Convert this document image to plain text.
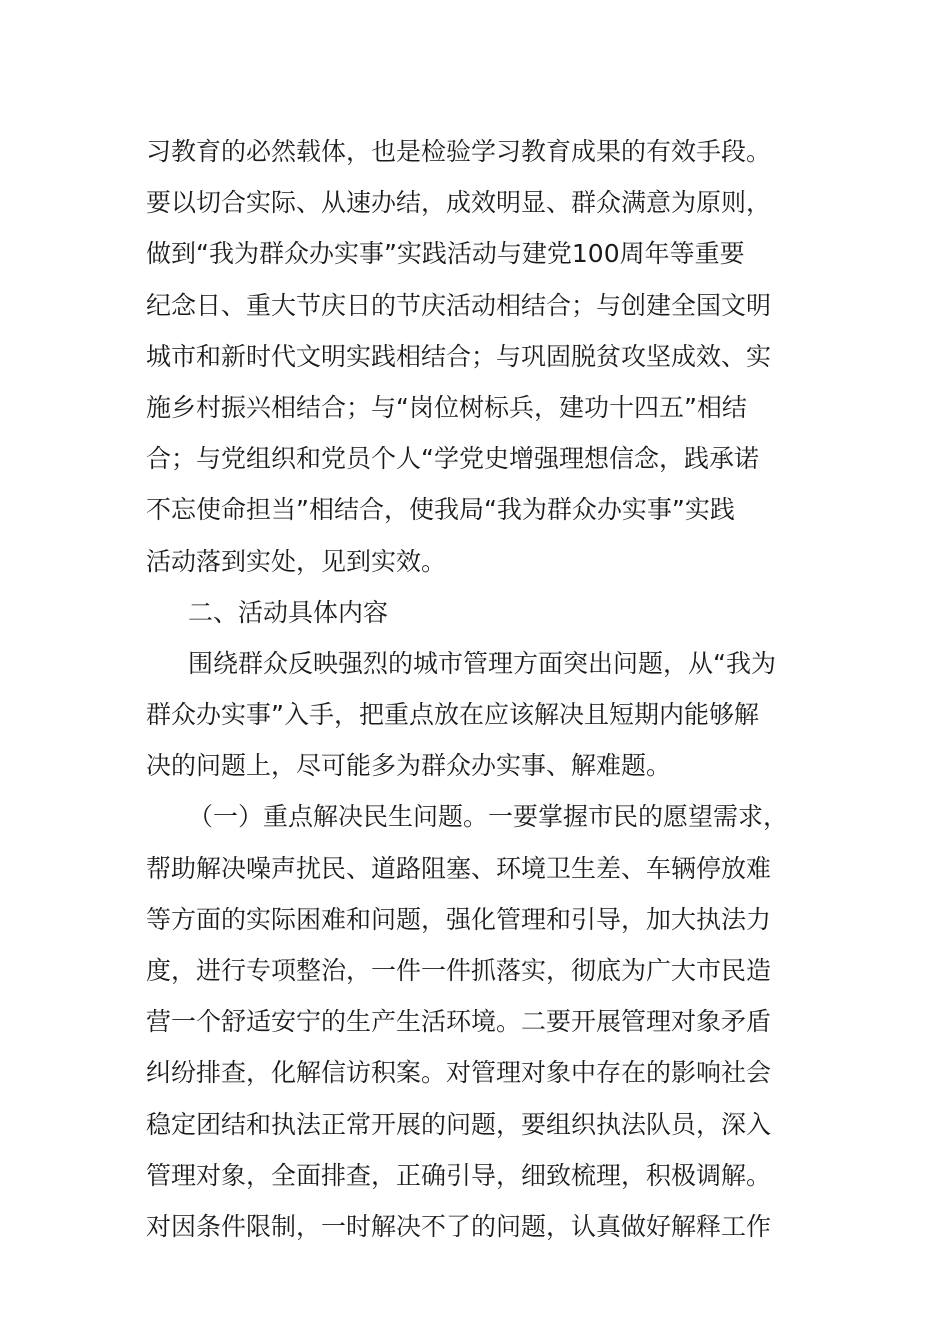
习教育的必然载体，也是检验学习教育成果的有效手段。
要以切合实际、从速办结，成效明显、群众满意为原则，
做到“我为群众办实事”实践活动与建党100周年等重要
纪念日、重大节庆日的节庆活动相结合；与创建全国文明
城市和新时代文明实践相结合；与巩固脱贫攻坚成效、实
施乡村振兴相结合；与“岗位树标兵，建功十四五”相结
合；与党组织和党员个人“学党史增强理想信念，践承诺
不忘使命担当”相结合，使我局“我为群众办实事”实践
活动落到实处，见到实效。
二、活动具体内容
围绕群众反映强烈的城市管理方面突出问题，从“我为
群众办实事”入手，把重点放在应该解决且短期内能够解
决的问题上，尽可能多为群众办实事、解难题。
（一）重点解决民生问题。一要掌握市民的愿望需求，
帮助解决噪声扰民、道路阻塞、环境卫生差、车辆停放难
等方面的实际困难和问题，强化管理和引导，加大执法力
度，进行专项整治，一件一件抓落实，彻底为广大市民造
营一个舒适安宁的生产生活环境。二要开展管理对象矛盾
纠纷排查，化解信访积案。对管理对象中存在的影响社会
稳定团结和执法正常开展的问题，要组织执法队员，深入
管理对象，全面排查，正确引导，细致梳理，积极调解。
对因条件限制，一时解决不了的问题，认真做好解释工作
